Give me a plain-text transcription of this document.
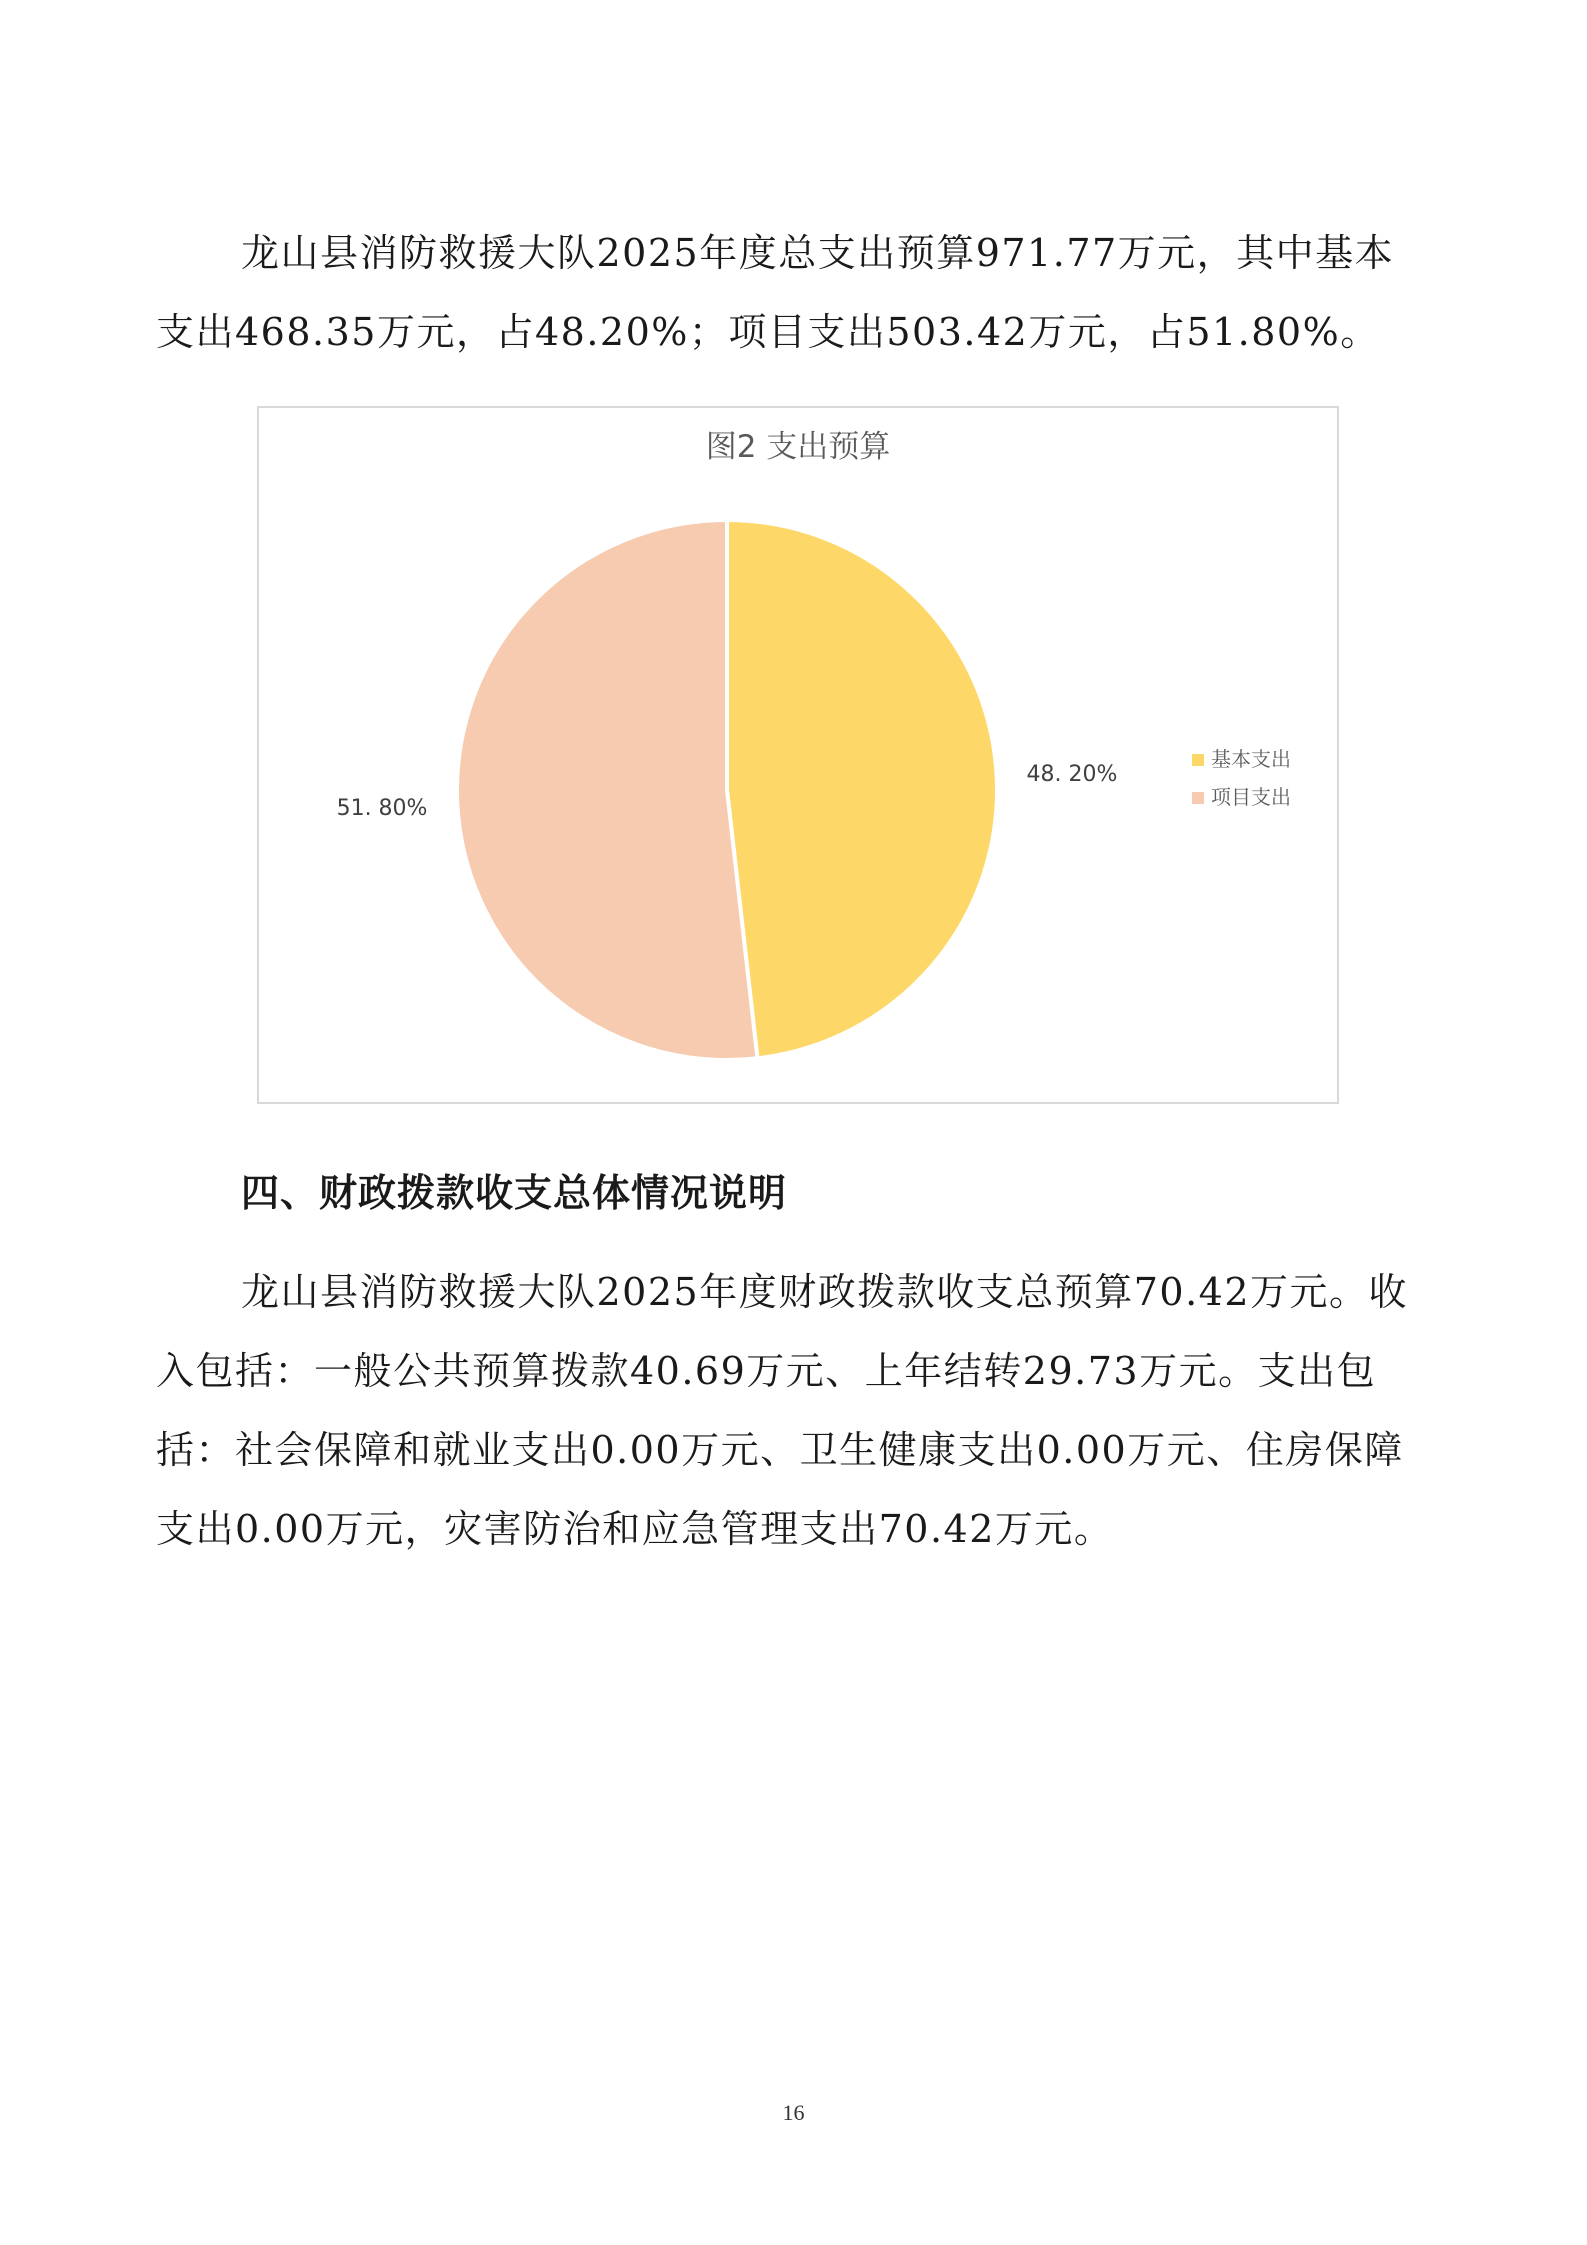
龙山县消防救援大队2025年度总支出预算971.77万元，其中基本支出468.35万元，占48.20%；项目支出503.42万元，占51.80%。

图2 支出预算
48. 20%
51. 80%
基本支出
项目支出
四、财政拨款收支总体情况说明

龙山县消防救援大队2025年度财政拨款收支总预算70.42万元。收入包括：一般公共预算拨款40.69万元、上年结转29.73万元。支出包括：社会保障和就业支出0.00万元、卫生健康支出0.00万元、住房保障支出0.00万元，灾害防治和应急管理支出70.42万元。

16
